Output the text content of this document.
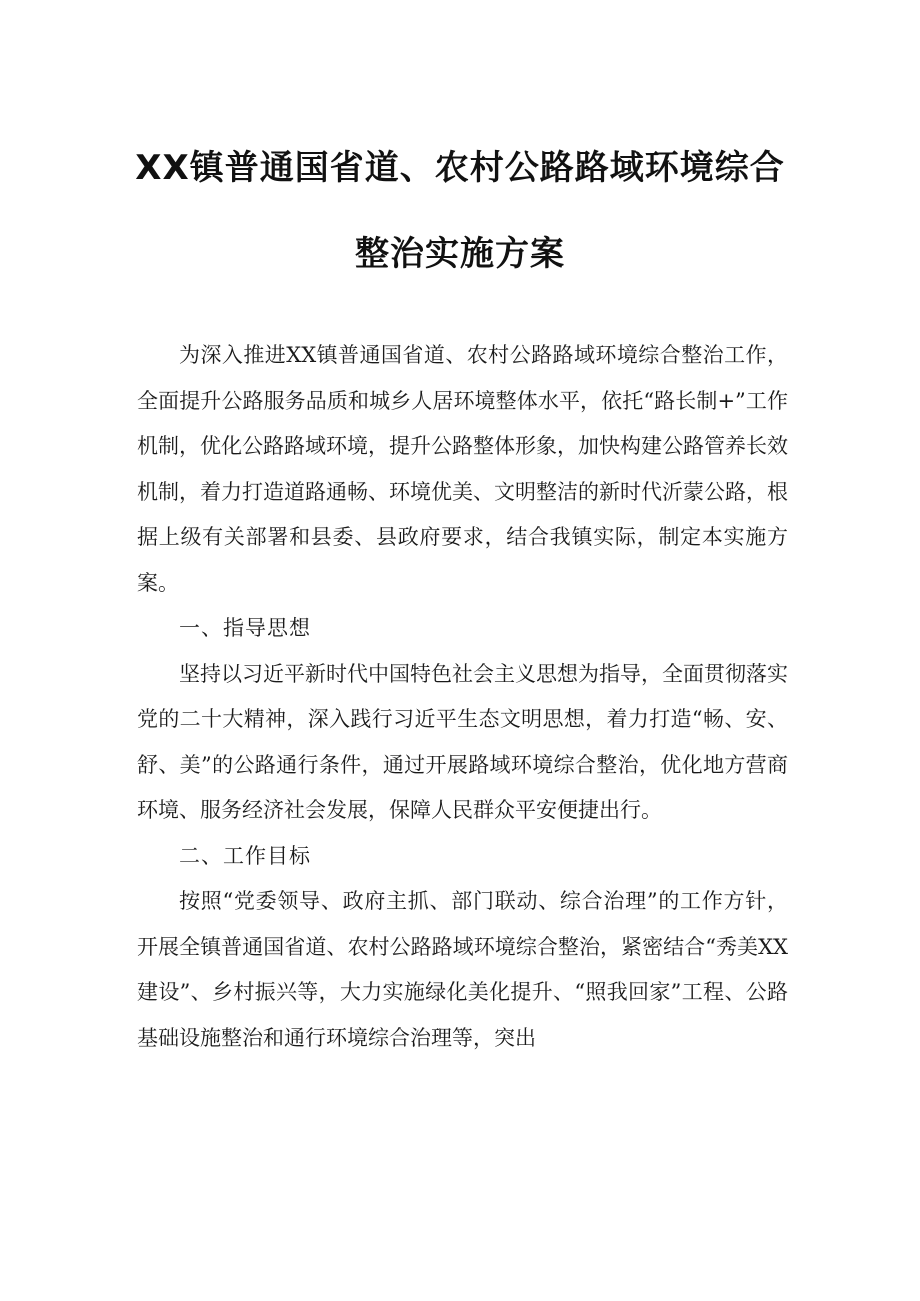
XX镇普通国省道、农村公路路域环境综合
整治实施方案

为深入推进XX镇普通国省道、农村公路路域环境综合整治工作，全面提升公路服务品质和城乡人居环境整体水平，依托“路长制+”工作机制，优化公路路域环境，提升公路整体形象，加快构建公路管养长效机制，着力打造道路通畅、环境优美、文明整洁的新时代沂蒙公路，根据上级有关部署和县委、县政府要求，结合我镇实际，制定本实施方案。

一、指导思想

坚持以习近平新时代中国特色社会主义思想为指导，全面贯彻落实党的二十大精神，深入践行习近平生态文明思想，着力打造“畅、安、舒、美”的公路通行条件，通过开展路域环境综合整治，优化地方营商环境、服务经济社会发展，保障人民群众平安便捷出行。

二、工作目标

按照“党委领导、政府主抓、部门联动、综合治理”的工作方针，开展全镇普通国省道、农村公路路域环境综合整治，紧密结合“秀美XX建设”、乡村振兴等，大力实施绿化美化提升、“照我回家”工程、公路基础设施整治和通行环境综合治理等，突出
